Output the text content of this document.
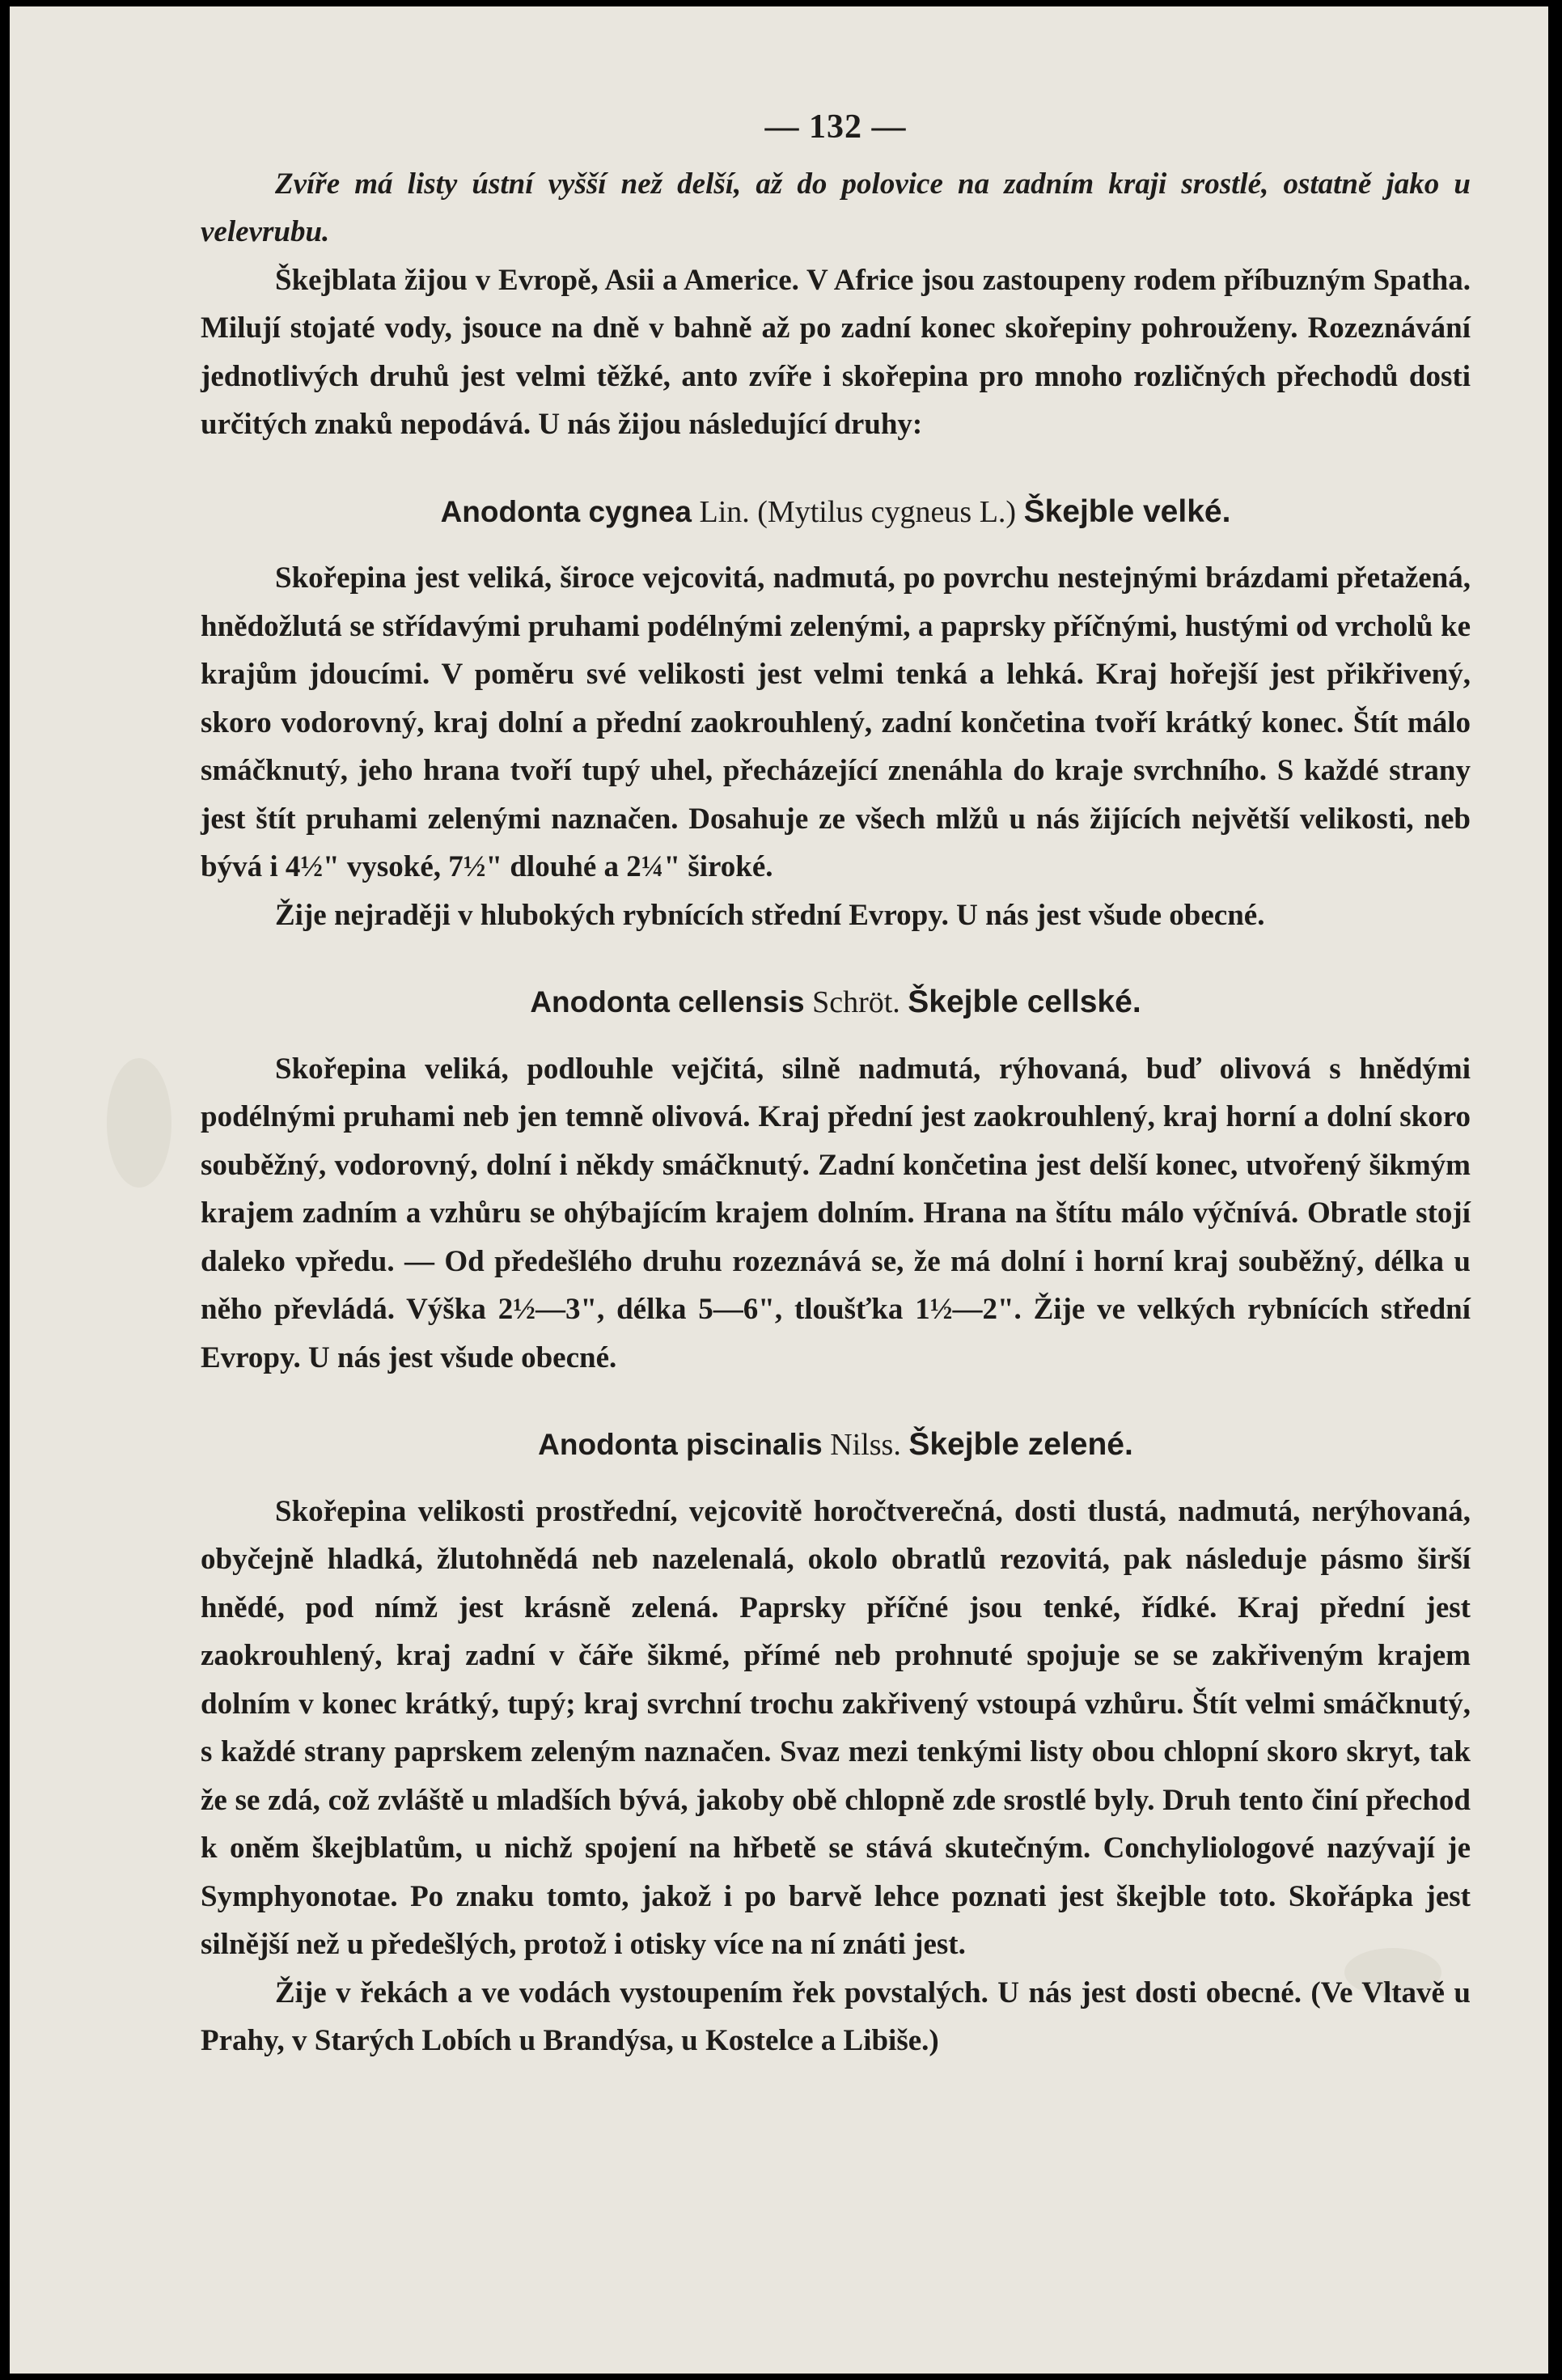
— 132 —

Zvíře má listy ústní vyšší než delší, až do polovice na zadním kraji srostlé, ostatně jako u velevrubu.

Škejblata žijou v Evropě, Asii a Americe. V Africe jsou zastoupeny rodem příbuzným Spatha. Milují stojaté vody, jsouce na dně v bahně až po zadní konec skořepiny pohrouženy. Rozeznávání jednotlivých druhů jest velmi těžké, anto zvíře i skořepina pro mnoho rozličných přechodů dosti určitých znaků nepodává. U nás žijou následující druhy:

Anodonta cygnea Lin. (Mytilus cygneus L.) Škejble velké.

Skořepina jest veliká, široce vejcovitá, nadmutá, po povrchu nestejnými brázdami přetažená, hnědožlutá se střídavými pruhami podélnými zelenými, a paprsky příčnými, hustými od vrcholů ke krajům jdoucími. V poměru své velikosti jest velmi tenká a lehká. Kraj hořejší jest přikřivený, skoro vodorovný, kraj dolní a přední zaokrouhlený, zadní končetina tvoří krátký konec. Štít málo smáčknutý, jeho hrana tvoří tupý uhel, přecházející znenáhla do kraje svrchního. S každé strany jest štít pruhami zelenými naznačen. Dosahuje ze všech mlžů u nás žijících největší velikosti, neb bývá i 4½" vysoké, 7½" dlouhé a 2¼" široké.

Žije nejraději v hlubokých rybnících střední Evropy. U nás jest všude obecné.

Anodonta cellensis Schröt. Škejble cellské.

Skořepina veliká, podlouhle vejčitá, silně nadmutá, rýhovaná, buď olivová s hnědými podélnými pruhami neb jen temně olivová. Kraj přední jest zaokrouhlený, kraj horní a dolní skoro souběžný, vodorovný, dolní i někdy smáčknutý. Zadní končetina jest delší konec, utvořený šikmým krajem zadním a vzhůru se ohýbajícím krajem dolním. Hrana na štítu málo výčnívá. Obratle stojí daleko vpředu. — Od předešlého druhu rozeznává se, že má dolní i horní kraj souběžný, délka u něho převládá. Výška 2½—3", délka 5—6", tloušťka 1½—2". Žije ve velkých rybnících střední Evropy. U nás jest všude obecné.

Anodonta piscinalis Nilss. Škejble zelené.

Skořepina velikosti prostřední, vejcovitě horočtverečná, dosti tlustá, nadmutá, nerýhovaná, obyčejně hladká, žlutohnědá neb nazelenalá, okolo obratlů rezovitá, pak následuje pásmo širší hnědé, pod nímž jest krásně zelená. Paprsky příčné jsou tenké, řídké. Kraj přední jest zaokrouhlený, kraj zadní v čáře šikmé, přímé neb prohnuté spojuje se se zakřiveným krajem dolním v konec krátký, tupý; kraj svrchní trochu zakřivený vstoupá vzhůru. Štít velmi smáčknutý, s každé strany paprskem zeleným naznačen. Svaz mezi tenkými listy obou chlopní skoro skryt, tak že se zdá, což zvláště u mladších bývá, jakoby obě chlopně zde srostlé byly. Druh tento činí přechod k oněm škejblatům, u nichž spojení na hřbetě se stává skutečným. Conchyliologové nazývají je Symphyonotae. Po znaku tomto, jakož i po barvě lehce poznati jest škejble toto. Skořápka jest silnější než u předešlých, protož i otisky více na ní znáti jest.

Žije v řekách a ve vodách vystoupením řek povstalých. U nás jest dosti obecné. (Ve Vltavě u Prahy, v Starých Lobích u Brandýsa, u Kostelce a Libiše.)
